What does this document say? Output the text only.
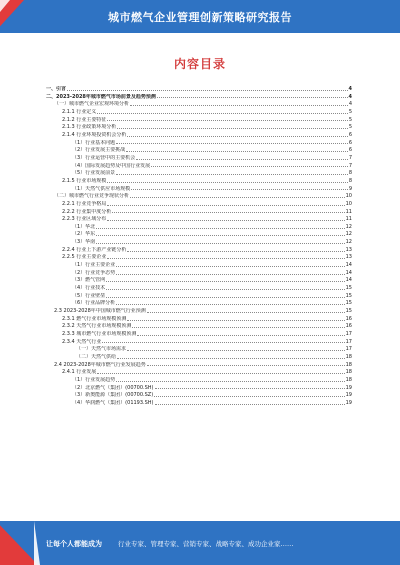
城市燃气企业管理创新策略研究报告
内容目录
一、引言	4
二、2023-2028年城市燃气市场前景及趋势预测	4
（一）城市燃气企业宏观环境分析	4
2.1.1 行业定义	5
2.1.2 行业主要特征	5
2.1.3 行业政策环境分析	5
2.1.4 行业环境投资机会分析	6
（1）行业基本问题	6
（2）行业发展主要挑战	6
（3）行业运营中的主要机会	7
（4）国际发展趋势及中国行业发展	7
（5）行业发展前景	8
2.1.5 行业市场规模	8
（1）天然气供应市场规模	9
（二）城市燃气行业竞争现状分析	10
2.2.1 行业竞争格局	10
2.2.2 行业集中度分析	11
2.2.3 行业区域分布	11
（1）华北	12
（2）华东	12
（3）华南	12
2.2.4 行业上下游产业链分析	13
2.2.5 行业主要企业	13
（1）行业主要企业	14
（2）行业竞争态势	14
（3）燃气管网	14
（4）行业技术	15
（5）行业壁垒	15
（6）行业品牌分析	15
2.3 2023-2028年中国城市燃气行业预测	15
2.3.1 燃气行业市场规模预测	16
2.3.2 天然气行业市场规模预测	16
2.3.3 城市燃气行业市场规模预测	17
2.3.4 天然气行业	17
（一）天然气市场需求	17
（二）天然气供给	18
2.4 2023-2028年城市燃气行业发展趋势	18
2.4.1 行业发展	18
（1）行业发展趋势	18
（2）北京燃气（集团）(00700.SH)	19
（3）新奥能源（集团）(00700.SZ)	19
（4）华润燃气（集团）(01193.SH)	19
让每个人都能成为 行业专家、管理专家、营销专家、战略专家、成功企业家……
